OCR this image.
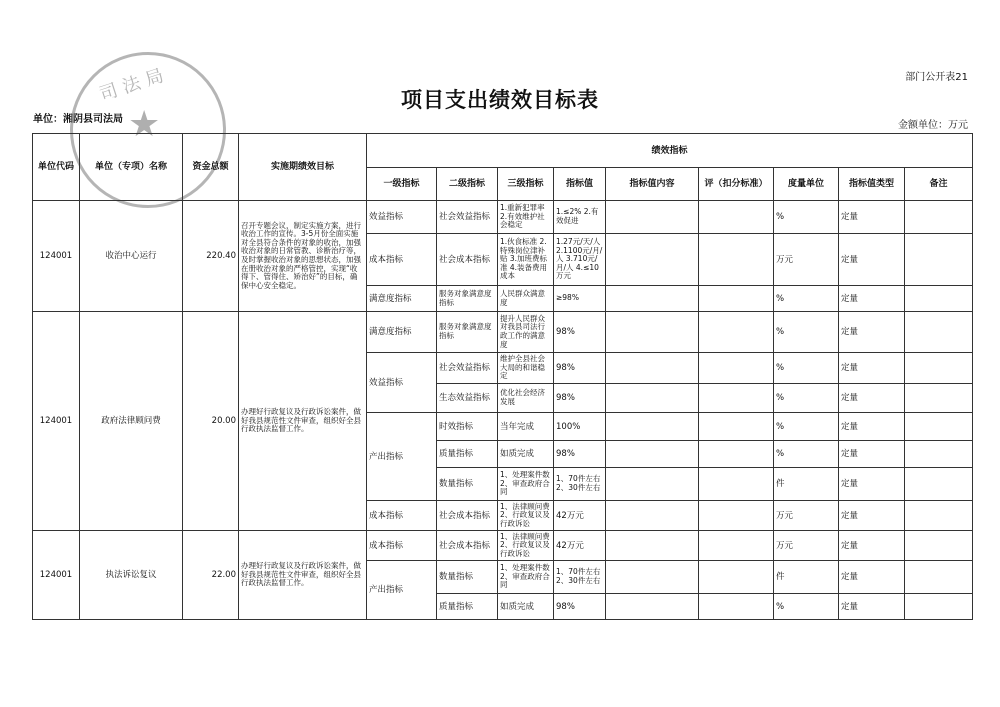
部门公开表21
项目支出绩效目标表
单位：湘阴县司法局
金额单位：万元
司法局
★
单位代码	单位（专项）名称	资金总额	实施期绩效目标	绩效指标								
				一级指标	二级指标	三级指标	指标值	指标值内容	评（扣分标准）	度量单位	指标值类型	备注
124001	收治中心运行	220.40	召开专题会议，制定实施方案，进行收治工作的宣传。3-5月份全面实施对全县符合条件的对象的收治，加强收治对象的日常管教、诊断治疗等，及时掌握收治对象的思想状态，加强在册收治对象的严格管控，实现“收得下、管得住、矫治好”的目标，确保中心安全稳定。	效益指标	社会效益指标	1.重新犯罪率 2.有效维护社会稳定	1.≤2% 2.有效促进			%	定量	
				成本指标	社会成本指标	1.伙食标准 2.特殊岗位津补贴 3.加班费标准 4.装备费用成本	1.27元/天/人 2.1100元/月/人 3.710元/月/人 4.≤10万元			万元	定量	
				满意度指标	服务对象满意度指标	人民群众满意度	≥98%			%	定量	
124001	政府法律顾问费	20.00	办理好行政复议及行政诉讼案件，做好我县规范性文件审查，组织好全县行政执法监督工作。	满意度指标	服务对象满意度指标	提升人民群众对我县司法行政工作的满意度	98%			%	定量	
				效益指标	社会效益指标	维护全县社会大局的和谐稳定	98%			%	定量	
					生态效益指标	优化社会经济发展	98%			%	定量	
				产出指标	时效指标	当年完成	100%			%	定量	
					质量指标	如质完成	98%			%	定量	
					数量指标	1、处理案件数 2、审查政府合同	1、70件左右 2、30件左右			件	定量	
				成本指标	社会成本指标	1、法律顾问费 2、行政复议及行政诉讼	42万元			万元	定量	
124001	执法诉讼复议	22.00	办理好行政复议及行政诉讼案件，做好我县规范性文件审查，组织好全县行政执法监督工作。	成本指标	社会成本指标	1、法律顾问费 2、行政复议及行政诉讼	42万元			万元	定量	
				产出指标	数量指标	1、处理案件数 2、审查政府合同	1、70件左右 2、30件左右			件	定量	
					质量指标	如质完成	98%			%	定量	
